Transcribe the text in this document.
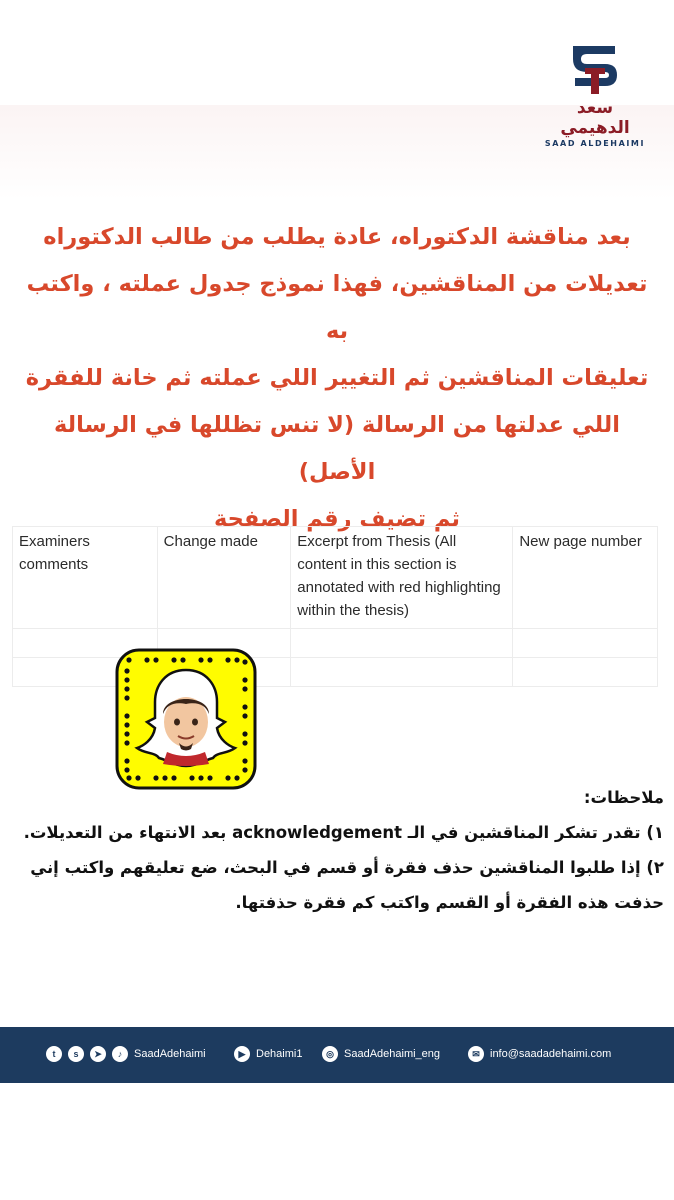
سعد الدهيمي
SAAD ALDEHAIMI
بعد مناقشة الدكتوراه، عادة يطلب من طالب الدكتوراه
تعديلات من المناقشين، فهذا نموذج جدول عملته ، واكتب به
تعليقات المناقشين ثم التغيير اللي عملته ثم خانة للفقرة
اللي عدلتها من الرسالة (لا تنس تظللها في الرسالة الأصل)
ثم تضيف رقم الصفحة
Examiners comments	Change made	Excerpt from Thesis (All content in this section is annotated with red highlighting within the thesis)	New page number

ملاحظات:

١) تقدر تشكر المناقشين في الـ acknowledgement بعد الانتهاء من التعديلات.

٢) إذا طلبوا المناقشين حذف فقرة أو قسم في البحث، ضع تعليقهم واكتب إني حذفت هذه الفقرة أو القسم واكتب كم فقرة حذفتها.

t	s	➤	♪	SaadAdehaimi	▶ Dehaimi1	◎ SaadAdehaimi_eng	✉ info@saadadehaimi.com
